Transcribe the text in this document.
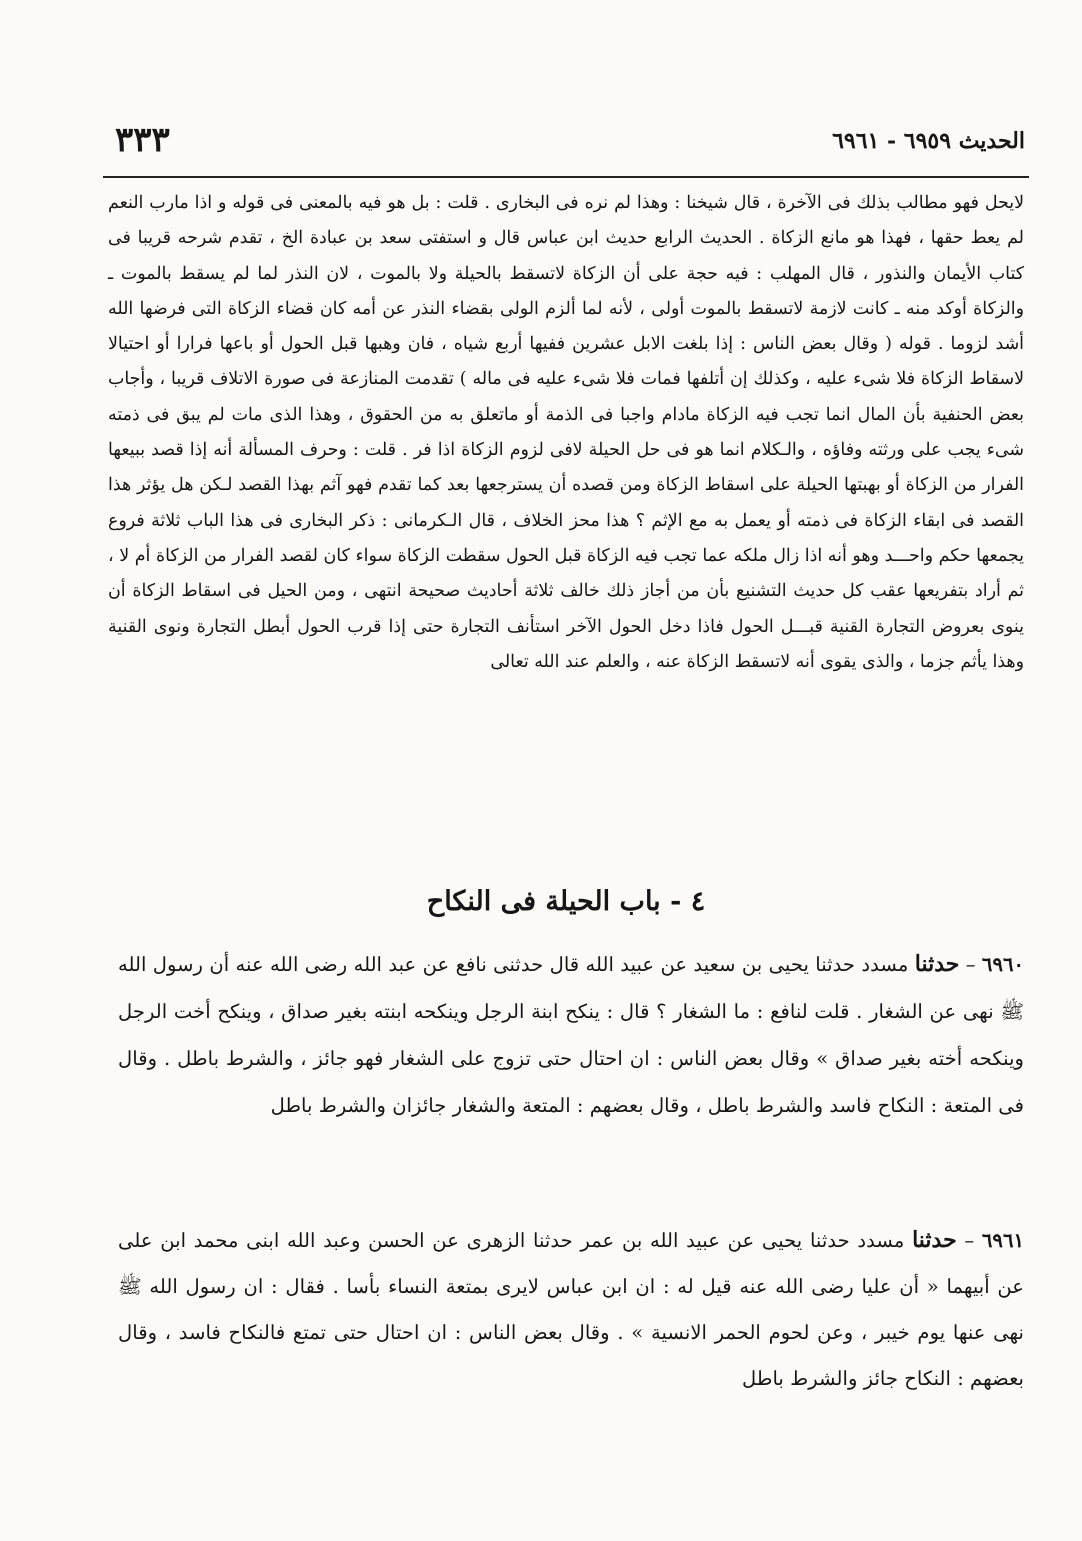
الحديث ٦٩٥٩ - ٦٩٦١
٣٣٣

لايحل فهو مطالب بذلك فى الآخرة ، قال شيخنا : وهذا لم نره فى البخارى . قلت : بل هو فيه بالمعنى فى قوله و اذا مارب النعم لم يعط حقها ، فهذا هو مانع الزكاة . الحديث الرابع حديث ابن عباس قال و استفتى سعد بن عبادة الخ ، تقدم شرحه قريبا فى كتاب الأيمان والنذور ، قال المهلب : فيه حجة على أن الزكاة لاتسقط بالحيلة ولا بالموت ، لان النذر لما لم يسقط بالموت ـ والزكاة أوكد منه ـ كانت لازمة لاتسقط بالموت أولى ، لأنه لما ألزم الولى بقضاء النذر عن أمه كان قضاء الزكاة التى فرضها الله أشد لزوما . قوله ( وقال بعض الناس : إذا بلغت الابل عشرين ففيها أربع شياه ، فان وهبها قبل الحول أو باعها فرارا أو احتيالا لاسقاط الزكاة فلا شىء عليه ، وكذلك إن أتلفها فمات فلا شىء عليه فى ماله ) تقدمت المنازعة فى صورة الاتلاف قريبا ، وأجاب بعض الحنفية بأن المال انما تجب فيه الزكاة مادام واجبا فى الذمة أو ماتعلق به من الحقوق ، وهذا الذى مات لم يبق فى ذمته شىء يجب على ورثته وفاؤه ، والـكلام انما هو فى حل الحيلة لافى لزوم الزكاة اذا فر . قلت : وحرف المسألة أنه إذا قصد ببيعها الفرار من الزكاة أو بهبتها الحيلة على اسقاط الزكاة ومن قصده أن يسترجعها بعد كما تقدم فهو آثم بهذا القصد لـكن هل يؤثر هذا القصد فى ابقاء الزكاة فى ذمته أو يعمل به مع الإثم ؟ هذا محز الخلاف ، قال الـكرمانى : ذكر البخارى فى هذا الباب ثلاثة فروع يجمعها حكم واحـــد وهو أنه اذا زال ملكه عما تجب فيه الزكاة قبل الحول سقطت الزكاة سواء كان لقصد الفرار من الزكاة أم لا ، ثم أراد بتفريعها عقب كل حديث التشنيع بأن من أجاز ذلك خالف ثلاثة أحاديث صحيحة انتهى ، ومن الحيل فى اسقاط الزكاة أن ينوى بعروض التجارة القنية قبـــل الحول فاذا دخل الحول الآخر استأنف التجارة حتى إذا قرب الحول أبطل التجارة ونوى القنية وهذا يأثم جزما ، والذى يقوى أنه لاتسقط الزكاة عنه ، والعلم عند الله تعالى

٤ - باب الحيلة فى النكاح

٦٩٦٠ – حدثنا مسدد حدثنا يحيى بن سعيد عن عبيد الله قال حدثنى نافع عن عبد الله رضى الله عنه أن رسول الله ﷺ نهى عن الشغار . قلت لنافع : ما الشغار ؟ قال : ينكح ابنة الرجل وينكحه ابنته بغير صداق ، وينكح أخت الرجل وينكحه أخته بغير صداق » وقال بعض الناس : ان احتال حتى تزوج على الشغار فهو جائز ، والشرط باطل . وقال فى المتعة : النكاح فاسد والشرط باطل ، وقال بعضهم : المتعة والشغار جائزان والشرط باطل

٦٩٦١ – حدثنا مسدد حدثنا يحيى عن عبيد الله بن عمر حدثنا الزهرى عن الحسن وعبد الله ابنى محمد ابن على عن أبيهما « أن عليا رضى الله عنه قيل له : ان ابن عباس لايرى بمتعة النساء بأسا . فقال : ان رسول الله ﷺ نهى عنها يوم خيبر ، وعن لحوم الحمر الانسية » . وقال بعض الناس : ان احتال حتى تمتع فالنكاح فاسد ، وقال بعضهم : النكاح جائز والشرط باطل
